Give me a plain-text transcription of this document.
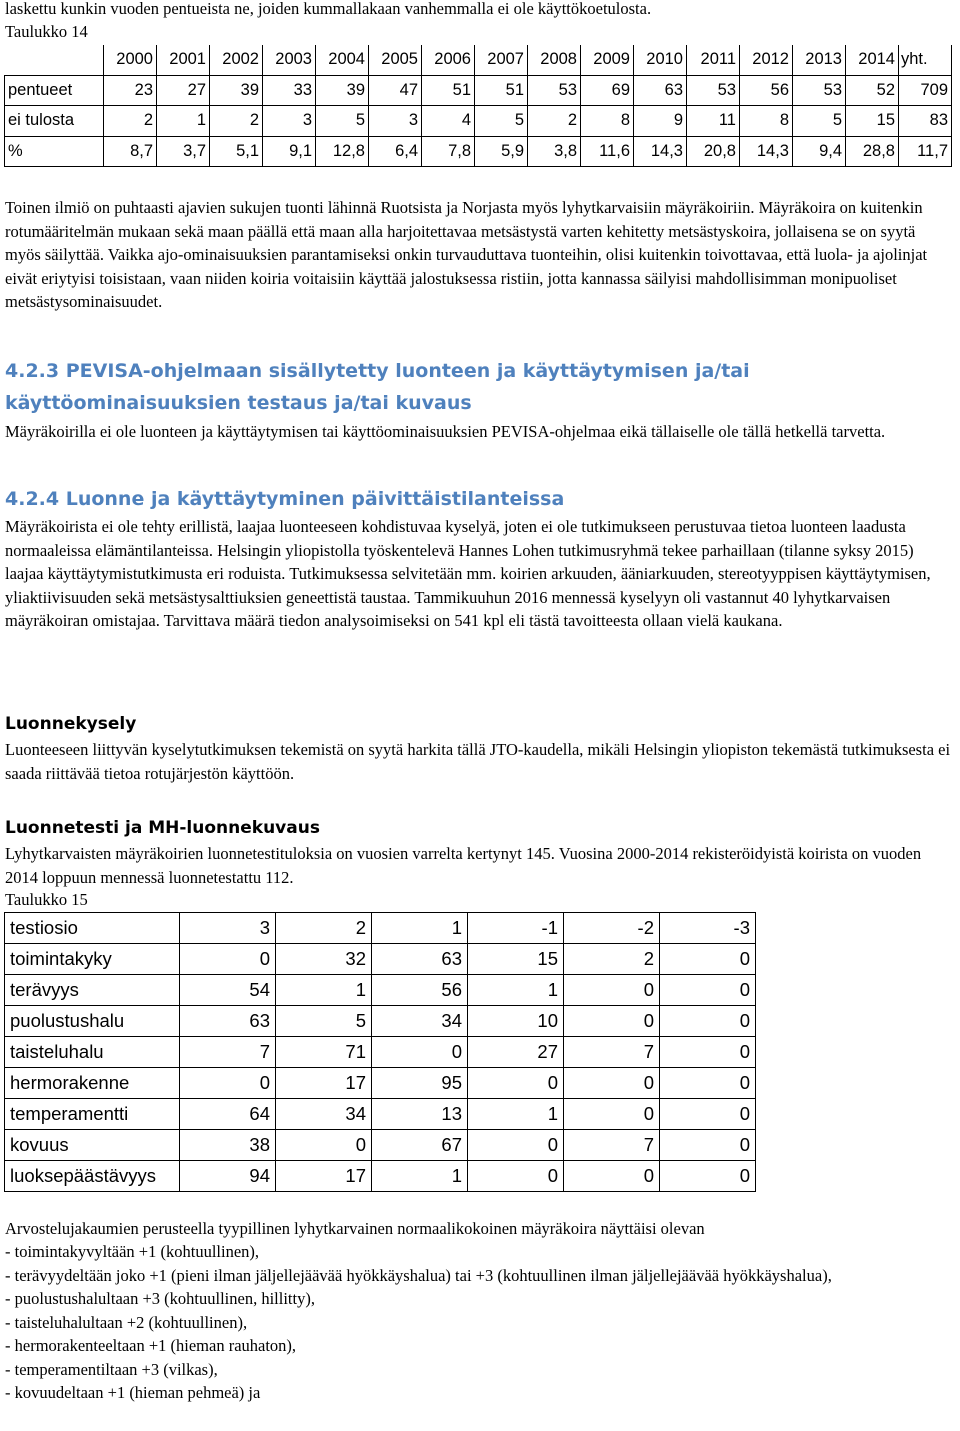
laskettu kunkin vuoden pentueista ne, joiden kummallakaan vanhemmalla ei ole käyttökoetulosta.

Taulukko 14

	2000	2001	2002	2003	2004	2005	2006	2007	2008	2009	2010	2011	2012	2013	2014	yht.
pentueet	23	27	39	33	39	47	51	51	53	69	63	53	56	53	52	709
ei tulosta	2	1	2	3	5	3	4	5	2	8	9	11	8	5	15	83
%	8,7	3,7	5,1	9,1	12,8	6,4	7,8	5,9	3,8	11,6	14,3	20,8	14,3	9,4	28,8	11,7

Toinen ilmiö on puhtaasti ajavien sukujen tuonti lähinnä Ruotsista ja Norjasta myös lyhytkarvaisiin mäyräkoiriin. Mäyräkoira on kuitenkin rotumääritelmän mukaan sekä maan päällä että maan alla harjoitettavaa metsästystä varten kehitetty metsästyskoira, jollaisena se on syytä myös säilyttää. Vaikka ajo-ominaisuuksien parantamiseksi onkin turvauduttava tuonteihin, olisi kuitenkin toivottavaa, että luola- ja ajolinjat eivät eriytyisi toisistaan, vaan niiden koiria voitaisiin käyttää jalostuksessa ristiin, jotta kannassa säilyisi mahdollisimman monipuoliset metsästysominaisuudet.

4.2.3 PEVISA-ohjelmaan sisällytetty luonteen ja käyttäytymisen ja/tai
käyttöominaisuuksien testaus ja/tai kuvaus

Mäyräkoirilla ei ole luonteen ja käyttäytymisen tai käyttöominaisuuksien PEVISA-ohjelmaa eikä tällaiselle ole tällä hetkellä tarvetta.

4.2.4 Luonne ja käyttäytyminen päivittäistilanteissa

Mäyräkoirista ei ole tehty erillistä, laajaa luonteeseen kohdistuvaa kyselyä, joten ei ole tutkimukseen perustuvaa tietoa luonteen laadusta normaaleissa elämäntilanteissa. Helsingin yliopistolla työskentelevä Hannes Lohen tutkimusryhmä tekee parhaillaan (tilanne syksy 2015) laajaa käyttäytymistutkimusta eri roduista. Tutkimuksessa selvitetään mm. koirien arkuuden, ääniarkuuden, stereotyyppisen käyttäytymisen, yliaktiivisuuden sekä metsästysalttiuksien geneettistä taustaa. Tammikuuhun 2016 mennessä kyselyyn oli vastannut 40 lyhytkarvaisen mäyräkoiran omistajaa. Tarvittava määrä tiedon analysoimiseksi on 541 kpl eli tästä tavoitteesta ollaan vielä kaukana.

Luonnekysely

Luonteeseen liittyvän kyselytutkimuksen tekemistä on syytä harkita tällä JTO-kaudella, mikäli Helsingin yliopiston tekemästä tutkimuksesta ei saada riittävää tietoa rotujärjestön käyttöön.

Luonnetesti ja MH-luonnekuvaus

Lyhytkarvaisten mäyräkoirien luonnetestituloksia on vuosien varrelta kertynyt 145. Vuosina 2000-2014 rekisteröidyistä koirista on vuoden 2014 loppuun mennessä luonnetestattu 112.

Taulukko 15

testiosio	3	2	1	-1	-2	-3
toimintakyky	0	32	63	15	2	0
terävyys	54	1	56	1	0	0
puolustushalu	63	5	34	10	0	0
taisteluhalu	7	71	0	27	7	0
hermorakenne	0	17	95	0	0	0
temperamentti	64	34	13	1	0	0
kovuus	38	0	67	0	7	0
luoksepäästävyys	94	17	1	0	0	0

Arvostelujakaumien perusteella tyypillinen lyhytkarvainen normaalikokoinen mäyräkoira näyttäisi olevan

- toimintakyvyltään +1 (kohtuullinen),
- terävyydeltään joko +1 (pieni ilman jäljellejäävää hyökkäyshalua) tai +3 (kohtuullinen ilman jäljellejäävää hyökkäyshalua),
- puolustushalultaan +3 (kohtuullinen, hillitty),
- taisteluhalultaan +2 (kohtuullinen),
- hermorakenteeltaan +1 (hieman rauhaton),
- temperamentiltaan +3 (vilkas),
- kovuudeltaan +1 (hieman pehmeä) ja
